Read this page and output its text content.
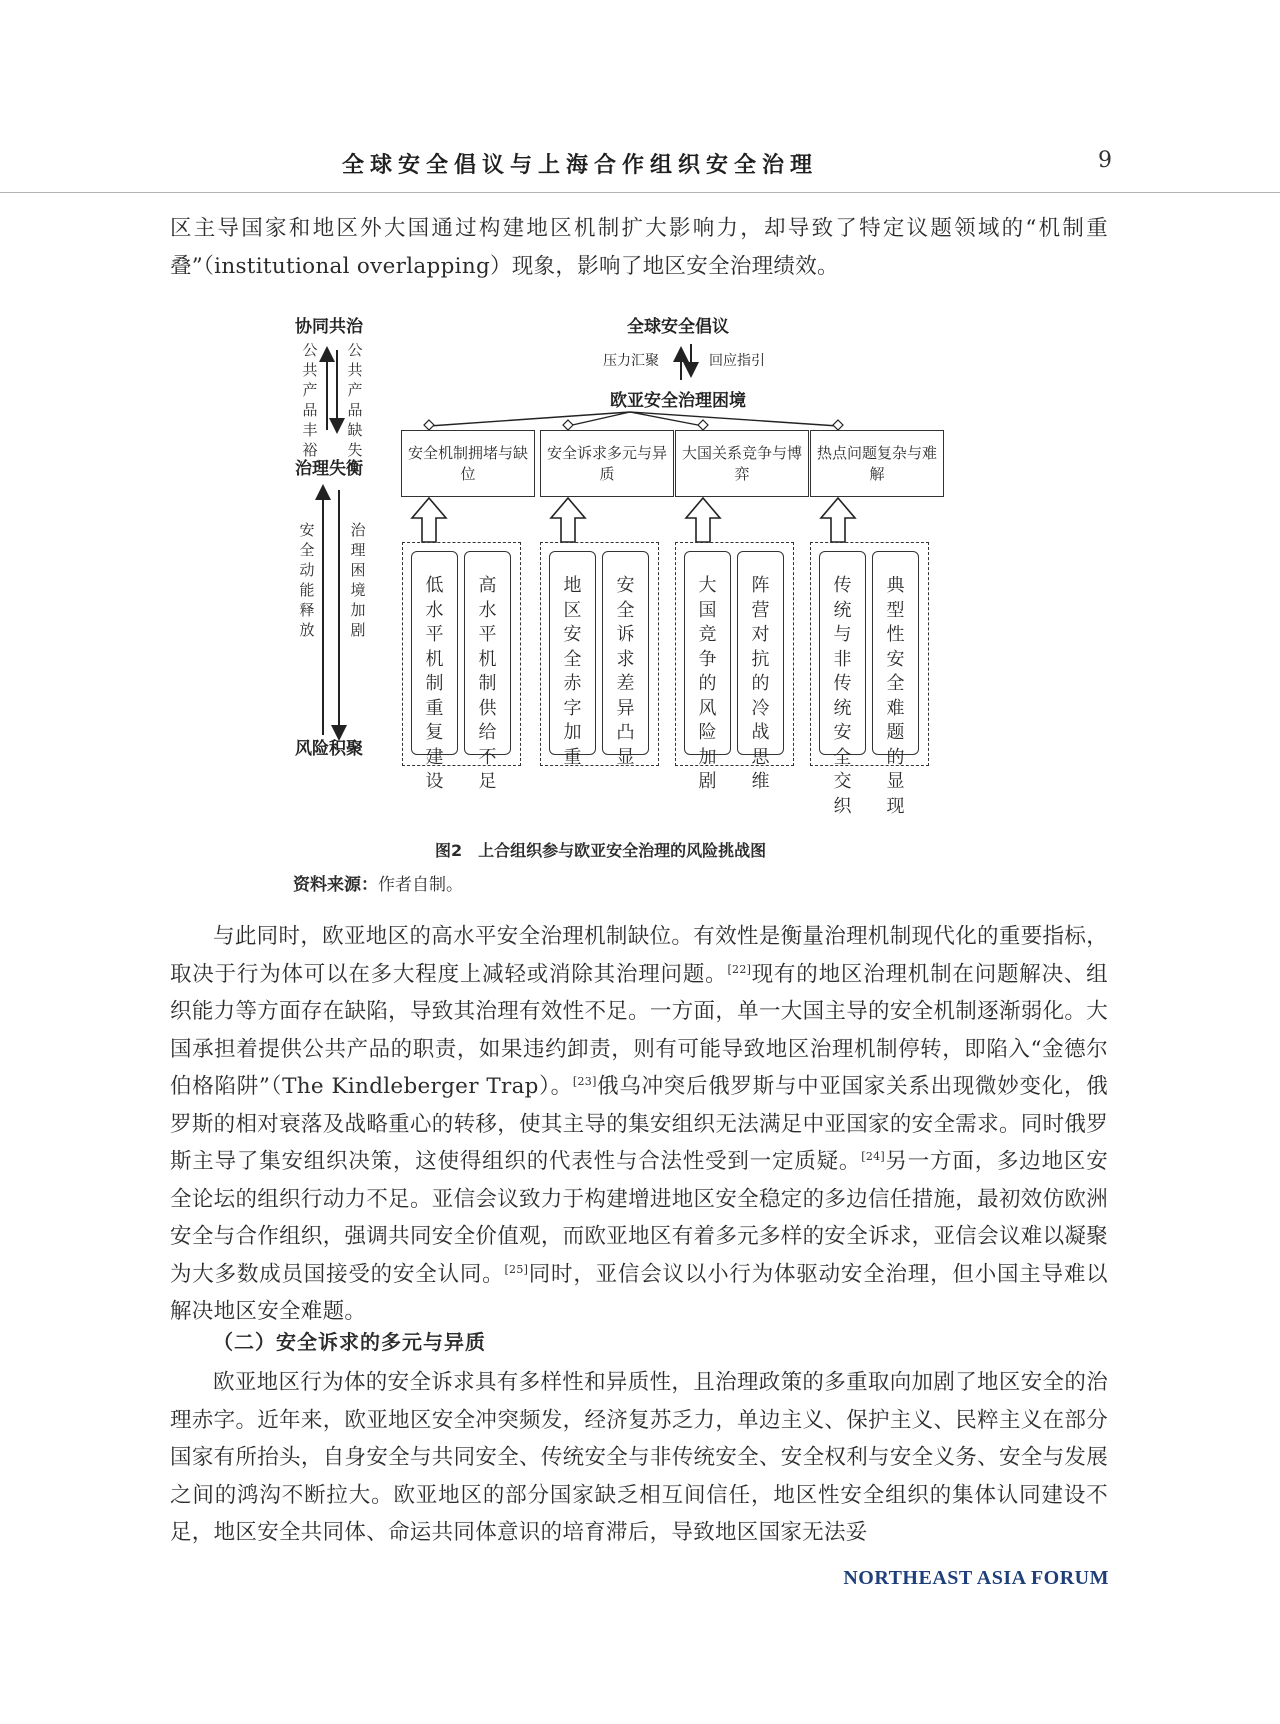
全球安全倡议与上海合作组织安全治理	9

区主导国家和地区外大国通过构建地区机制扩大影响力，却导致了特定议题领域的“机制重叠”（institutional overlapping）现象，影响了地区安全治理绩效。

协同共治
公共产品丰裕
公共产品缺失
治理失衡
安全动能释放
治理困境加剧
风险积聚
全球安全倡议
压力汇聚	回应指引
欧亚安全治理困境
安全机制拥堵与缺位
安全诉求多元与异质
大国关系竞争与博弈
热点问题复杂与难解
低水平机制重复建设
高水平机制供给不足
地区安全赤字加重
安全诉求差异凸显
大国竞争的风险加剧
阵营对抗的冷战思维
传统与非传统安全交织
典型性安全难题的显现
图2　上合组织参与欧亚安全治理的风险挑战图
资料来源：作者自制。

与此同时，欧亚地区的高水平安全治理机制缺位。有效性是衡量治理机制现代化的重要指标，取决于行为体可以在多大程度上减轻或消除其治理问题。[22]现有的地区治理机制在问题解决、组织能力等方面存在缺陷，导致其治理有效性不足。一方面，单一大国主导的安全机制逐渐弱化。大国承担着提供公共产品的职责，如果违约卸责，则有可能导致地区治理机制停转，即陷入“金德尔伯格陷阱”（The Kindleberger Trap）。[23]俄乌冲突后俄罗斯与中亚国家关系出现微妙变化，俄罗斯的相对衰落及战略重心的转移，使其主导的集安组织无法满足中亚国家的安全需求。同时俄罗斯主导了集安组织决策，这使得组织的代表性与合法性受到一定质疑。[24]另一方面，多边地区安全论坛的组织行动力不足。亚信会议致力于构建增进地区安全稳定的多边信任措施，最初效仿欧洲安全与合作组织，强调共同安全价值观，而欧亚地区有着多元多样的安全诉求，亚信会议难以凝聚为大多数成员国接受的安全认同。[25]同时，亚信会议以小行为体驱动安全治理，但小国主导难以解决地区安全难题。

（二）安全诉求的多元与异质

欧亚地区行为体的安全诉求具有多样性和异质性，且治理政策的多重取向加剧了地区安全的治理赤字。近年来，欧亚地区安全冲突频发，经济复苏乏力，单边主义、保护主义、民粹主义在部分国家有所抬头，自身安全与共同安全、传统安全与非传统安全、安全权利与安全义务、安全与发展之间的鸿沟不断拉大。欧亚地区的部分国家缺乏相互间信任，地区性安全组织的集体认同建设不足，地区安全共同体、命运共同体意识的培育滞后，导致地区国家无法妥

NORTHEAST ASIA FORUM
